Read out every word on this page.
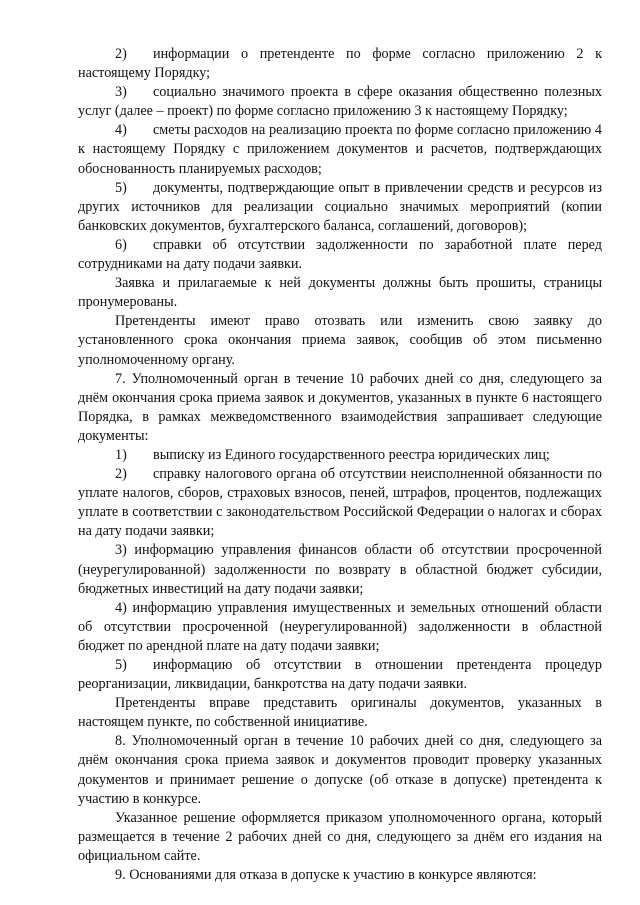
2) информации о претенденте по форме согласно приложению 2 к настоящему Порядку;

3) социально значимого проекта в сфере оказания общественно полезных услуг (далее – проект) по форме согласно приложению 3 к настоящему Порядку;

4) сметы расходов на реализацию проекта по форме согласно приложению 4 к настоящему Порядку с приложением документов и расчетов, подтверждающих обоснованность планируемых расходов;

5) документы, подтверждающие опыт в привлечении средств и ресурсов из других источников для реализации социально значимых мероприятий (копии банковских документов, бухгалтерского баланса, соглашений, договоров);

6) справки об отсутствии задолженности по заработной плате перед сотрудниками на дату подачи заявки.

Заявка и прилагаемые к ней документы должны быть прошиты, страницы пронумерованы.

Претенденты имеют право отозвать или изменить свою заявку до установленного срока окончания приема заявок, сообщив об этом письменно уполномоченному органу.

7. Уполномоченный орган в течение 10 рабочих дней со дня, следующего за днём окончания срока приема заявок и документов, указанных в пункте 6 настоящего Порядка, в рамках межведомственного взаимодействия запрашивает следующие документы:

1) выписку из Единого государственного реестра юридических лиц;

2) справку налогового органа об отсутствии неисполненной обязанности по уплате налогов, сборов, страховых взносов, пеней, штрафов, процентов, подлежащих уплате в соответствии с законодательством Российской Федерации о налогах и сборах на дату подачи заявки;

3) информацию управления финансов области об отсутствии просроченной (неурегулированной) задолженности по возврату в областной бюджет субсидии, бюджетных инвестиций на дату подачи заявки;

4) информацию управления имущественных и земельных отношений области об отсутствии просроченной (неурегулированной) задолженности в областной бюджет по арендной плате на дату подачи заявки;

5) информацию об отсутствии в отношении претендента процедур реорганизации, ликвидации, банкротства на дату подачи заявки.

Претенденты вправе представить оригиналы документов, указанных в настоящем пункте, по собственной инициативе.

8. Уполномоченный орган в течение 10 рабочих дней со дня, следующего за днём окончания срока приема заявок и документов проводит проверку указанных документов и принимает решение о допуске (об отказе в допуске) претендента к участию в конкурсе.

Указанное решение оформляется приказом уполномоченного органа, который размещается в течение 2 рабочих дней со дня, следующего за днём его издания на официальном сайте.

9. Основаниями для отказа в допуске к участию в конкурсе являются:
